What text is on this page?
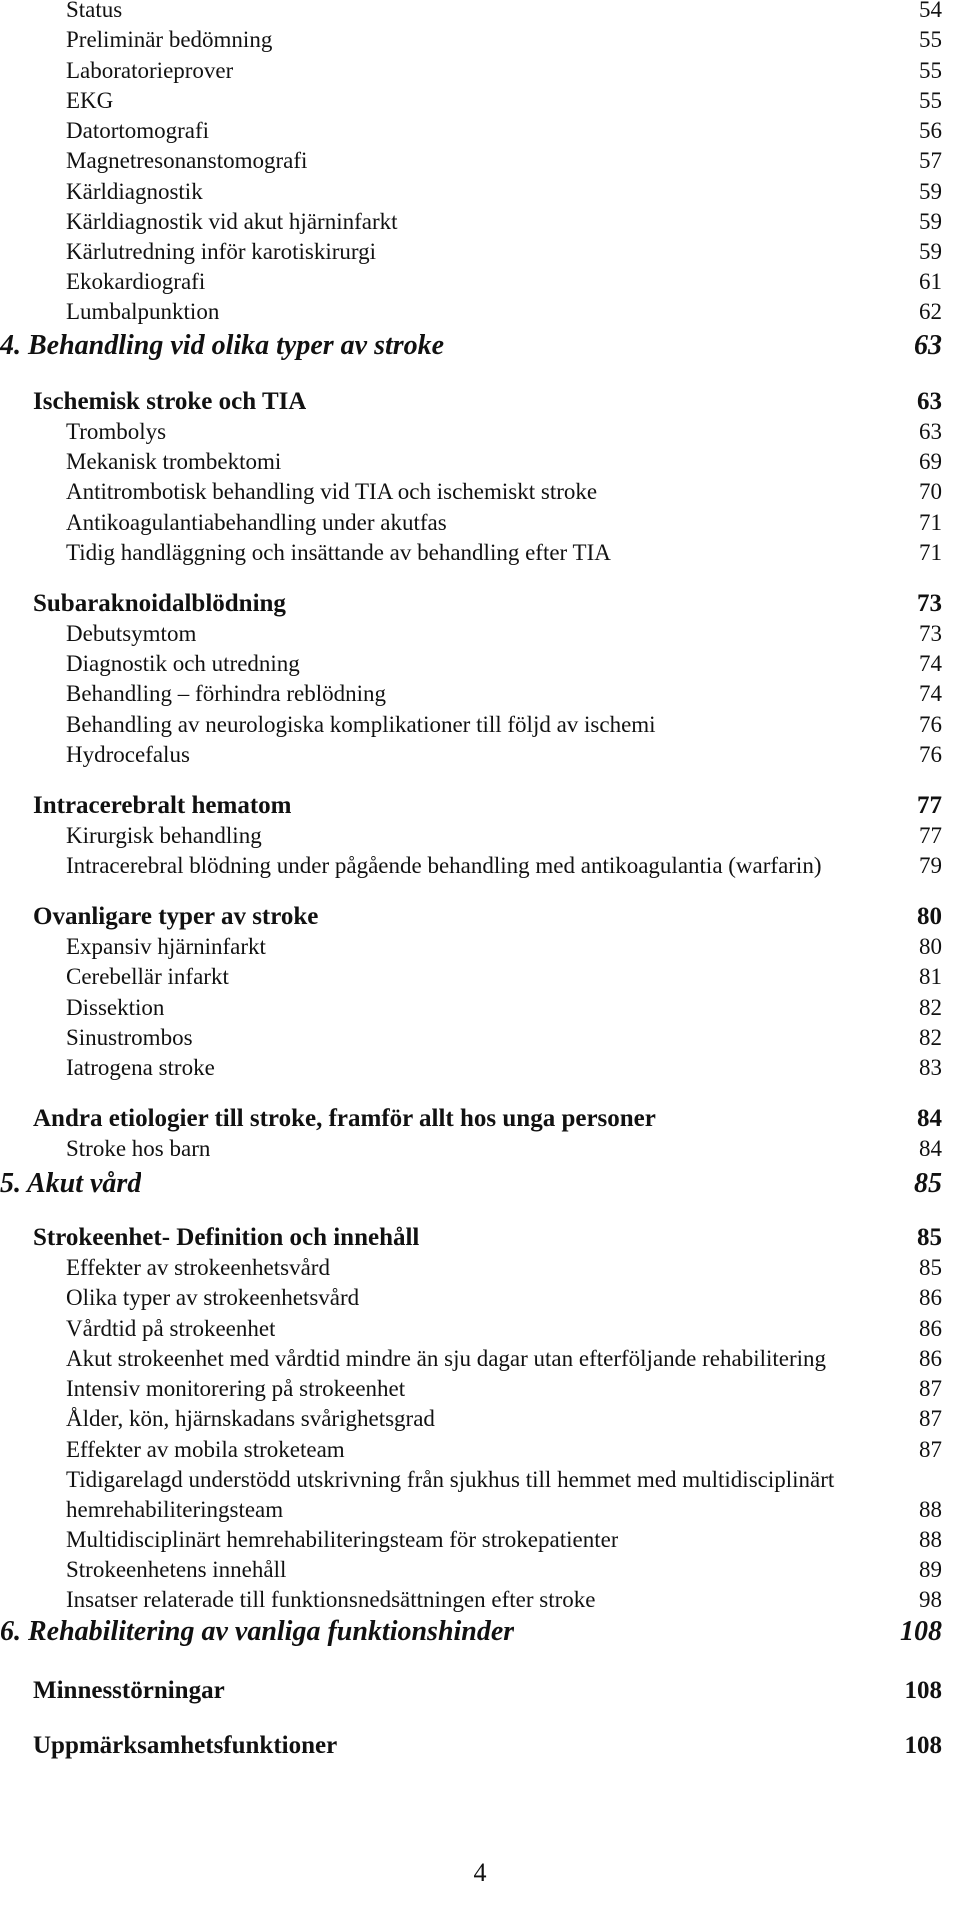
Status	54
Preliminär bedömning	55
Laboratorieprover	55
EKG	55
Datortomografi	56
Magnetresonanstomografi	57
Kärldiagnostik	59
Kärldiagnostik vid akut hjärninfarkt	59
Kärlutredning inför karotiskirurgi	59
Ekokardiografi	61
Lumbalpunktion	62
4. Behandling vid olika typer av stroke	63
Ischemisk stroke och TIA	63
Trombolys	63
Mekanisk trombektomi	69
Antitrombotisk behandling vid TIA och ischemiskt stroke	70
Antikoagulantiabehandling under akutfas	71
Tidig handläggning och insättande av behandling efter TIA	71
Subaraknoidalblödning	73
Debutsymtom	73
Diagnostik och utredning	74
Behandling – förhindra reblödning	74
Behandling av neurologiska komplikationer till följd av ischemi	76
Hydrocefalus	76
Intracerebralt hematom	77
Kirurgisk behandling	77
Intracerebral blödning under pågående behandling med antikoagulantia (warfarin)	79
Ovanligare typer av stroke	80
Expansiv hjärninfarkt	80
Cerebellär infarkt	81
Dissektion	82
Sinustrombos	82
Iatrogena stroke	83
Andra etiologier till stroke, framför allt hos unga personer	84
Stroke hos barn	84
5. Akut vård	85
Strokeenhet- Definition och innehåll	85
Effekter av strokeenhetsvård	85
Olika typer av strokeenhetsvård	86
Vårdtid på strokeenhet	86
Akut strokeenhet med vårdtid mindre än sju dagar utan efterföljande rehabilitering	86
Intensiv monitorering på strokeenhet	87
Ålder, kön, hjärnskadans svårighetsgrad	87
Effekter av mobila stroketeam	87
Tidigarelagd understödd utskrivning från sjukhus till hemmet med multidisciplinärt hemrehabiliteringsteam	88
Multidisciplinärt hemrehabiliteringsteam för strokepatienter	88
Strokeenhetens innehåll	89
Insatser relaterade till funktionsnedsättningen efter stroke	98
6. Rehabilitering av vanliga funktionshinder	108
Minnesstörningar	108
Uppmärksamhetsfunktioner	108
4
